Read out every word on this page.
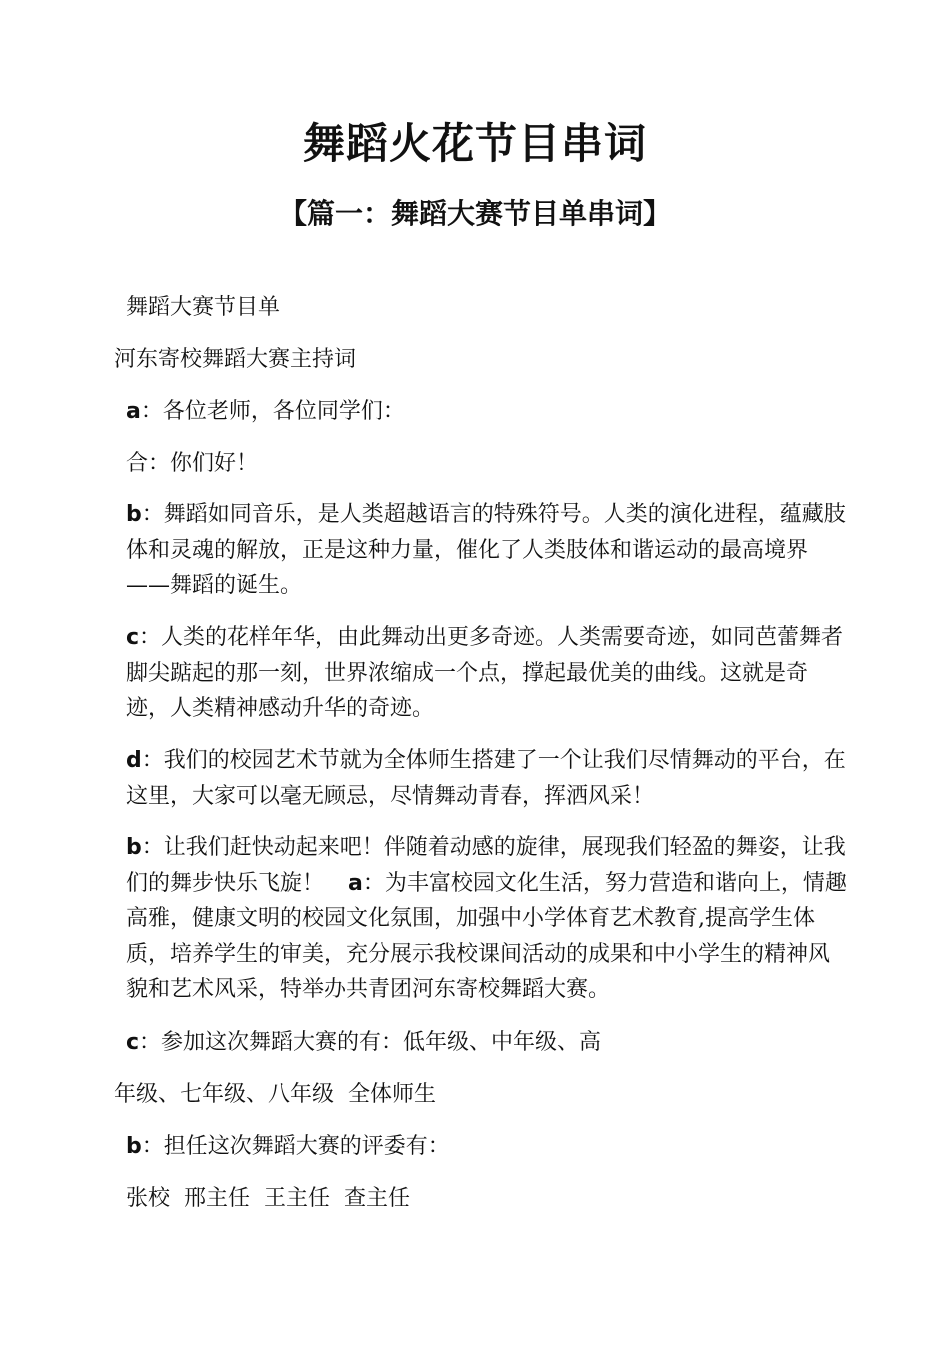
舞蹈火花节目串词
【篇一：舞蹈大赛节目单串词】

舞蹈大赛节目单

河东寄校舞蹈大赛主持词

a：各位老师，各位同学们：

合：你们好！

b：舞蹈如同音乐，是人类超越语言的特殊符号。人类的演化进程，蕴藏肢体和灵魂的解放，正是这种力量，催化了人类肢体和谐运动的最高境界——舞蹈的诞生。

c：人类的花样年华，由此舞动出更多奇迹。人类需要奇迹，如同芭蕾舞者脚尖踮起的那一刻，世界浓缩成一个点，撑起最优美的曲线。这就是奇迹，人类精神感动升华的奇迹。

d：我们的校园艺术节就为全体师生搭建了一个让我们尽情舞动的平台，在这里，大家可以毫无顾忌，尽情舞动青春，挥洒风采！

b：让我们赶快动起来吧！伴随着动感的旋律，展现我们轻盈的舞姿，让我们的舞步快乐飞旋！ a：为丰富校园文化生活，努力营造和谐向上，情趣高雅，健康文明的校园文化氛围，加强中小学体育艺术教育,提高学生体质，培养学生的审美，充分展示我校课间活动的成果和中小学生的精神风貌和艺术风采，特举办共青团河东寄校舞蹈大赛。

c：参加这次舞蹈大赛的有：低年级、中年级、高

年级、七年级、八年级  全体师生

b：担任这次舞蹈大赛的评委有：

张校 邢主任 王主任 查主任
